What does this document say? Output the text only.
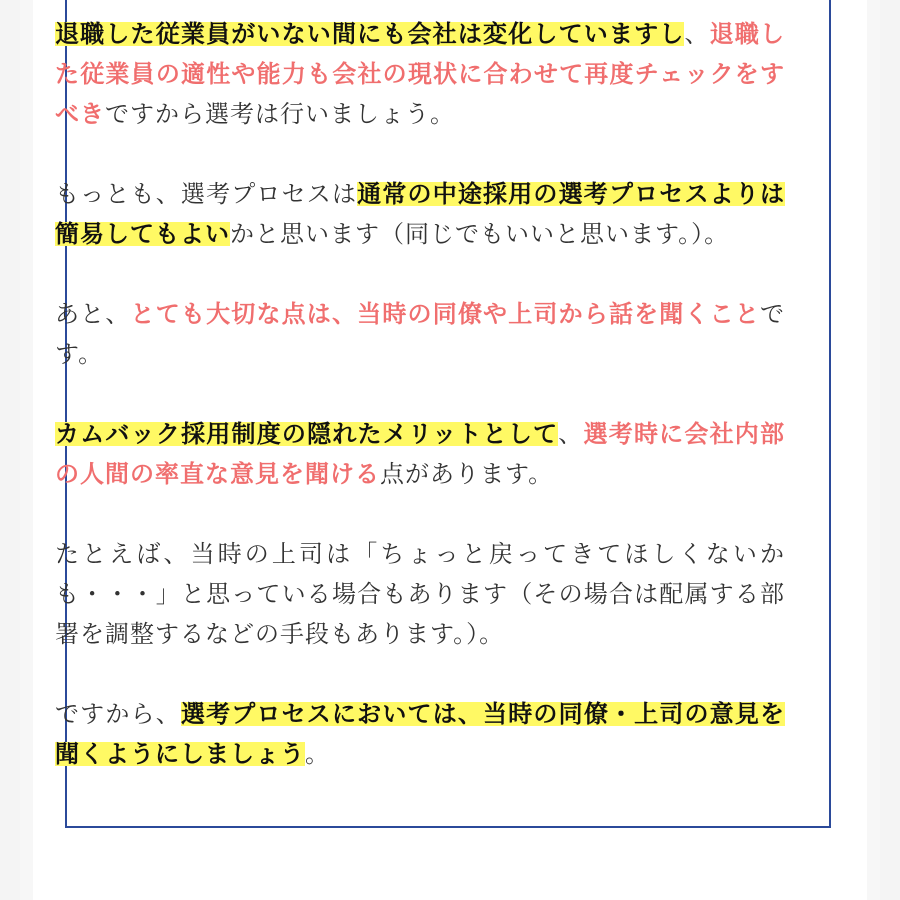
退職した従業員がいない間にも会社は変化していますし、退職した従業員の適性や能力も会社の現状に合わせて再度チェックをすべきですから選考は行いましょう。

もっとも、選考プロセスは通常の中途採用の選考プロセスよりは簡易してもよいかと思います（同じでもいいと思います。）。

あと、とても大切な点は、当時の同僚や上司から話を聞くことです。

カムバック採用制度の隠れたメリットとして、選考時に会社内部の人間の率直な意見を聞ける点があります。

たとえば、当時の上司は「ちょっと戻ってきてほしくないかも・・・」と思っている場合もあります（その場合は配属する部署を調整するなどの手段もあります。）。

ですから、選考プロセスにおいては、当時の同僚・上司の意見を聞くようにしましょう。
